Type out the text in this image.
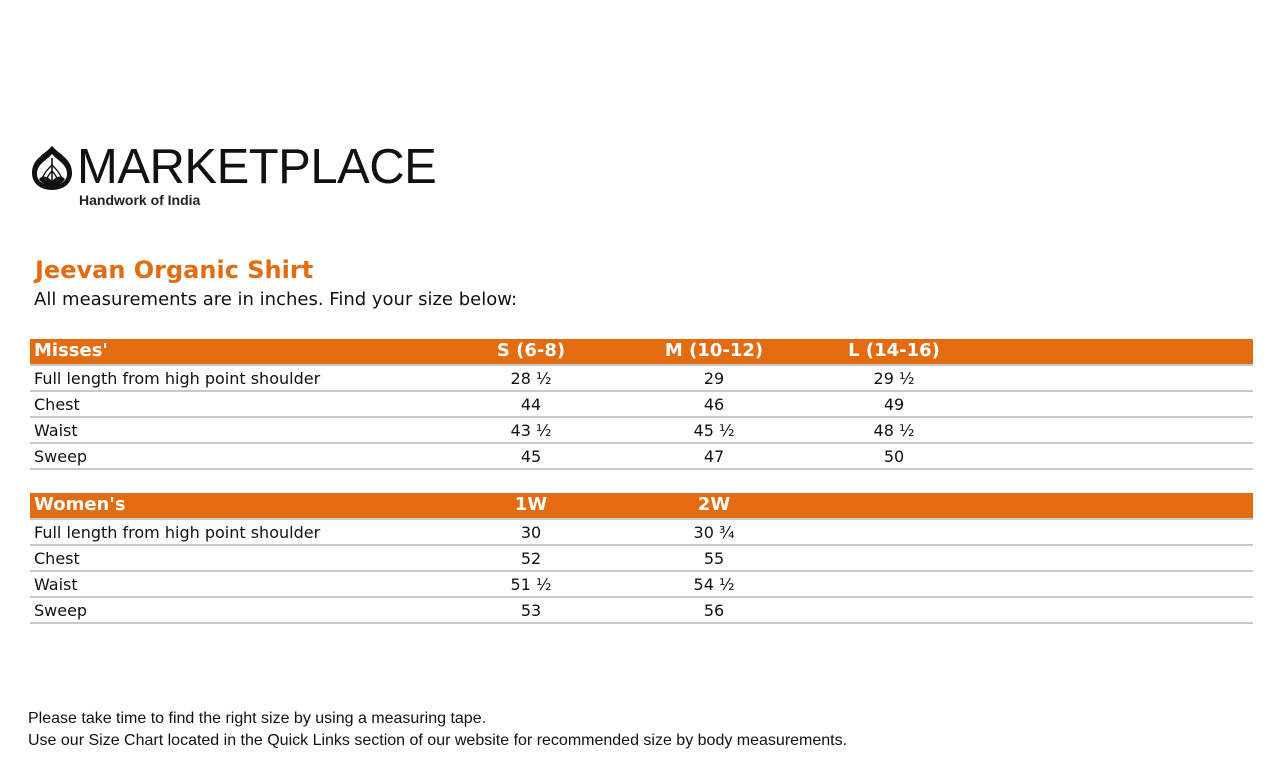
MARKETPLACE
Handwork of India
Jeevan Organic Shirt
All measurements are in inches. Find your size below:
Misses'	S (6-8)	M (10-12)	L (14-16)
Full length from high point shoulder	28 ½	29	29 ½
Chest	44	46	49
Waist	43 ½	45 ½	48 ½
Sweep	45	47	50
Women's	1W	2W
Full length from high point shoulder	30	30 ¾
Chest	52	55
Waist	51 ½	54 ½
Sweep	53	56
Please take time to find the right size by using a measuring tape.
Use our Size Chart located in the Quick Links section of our website for recommended size by body measurements.
